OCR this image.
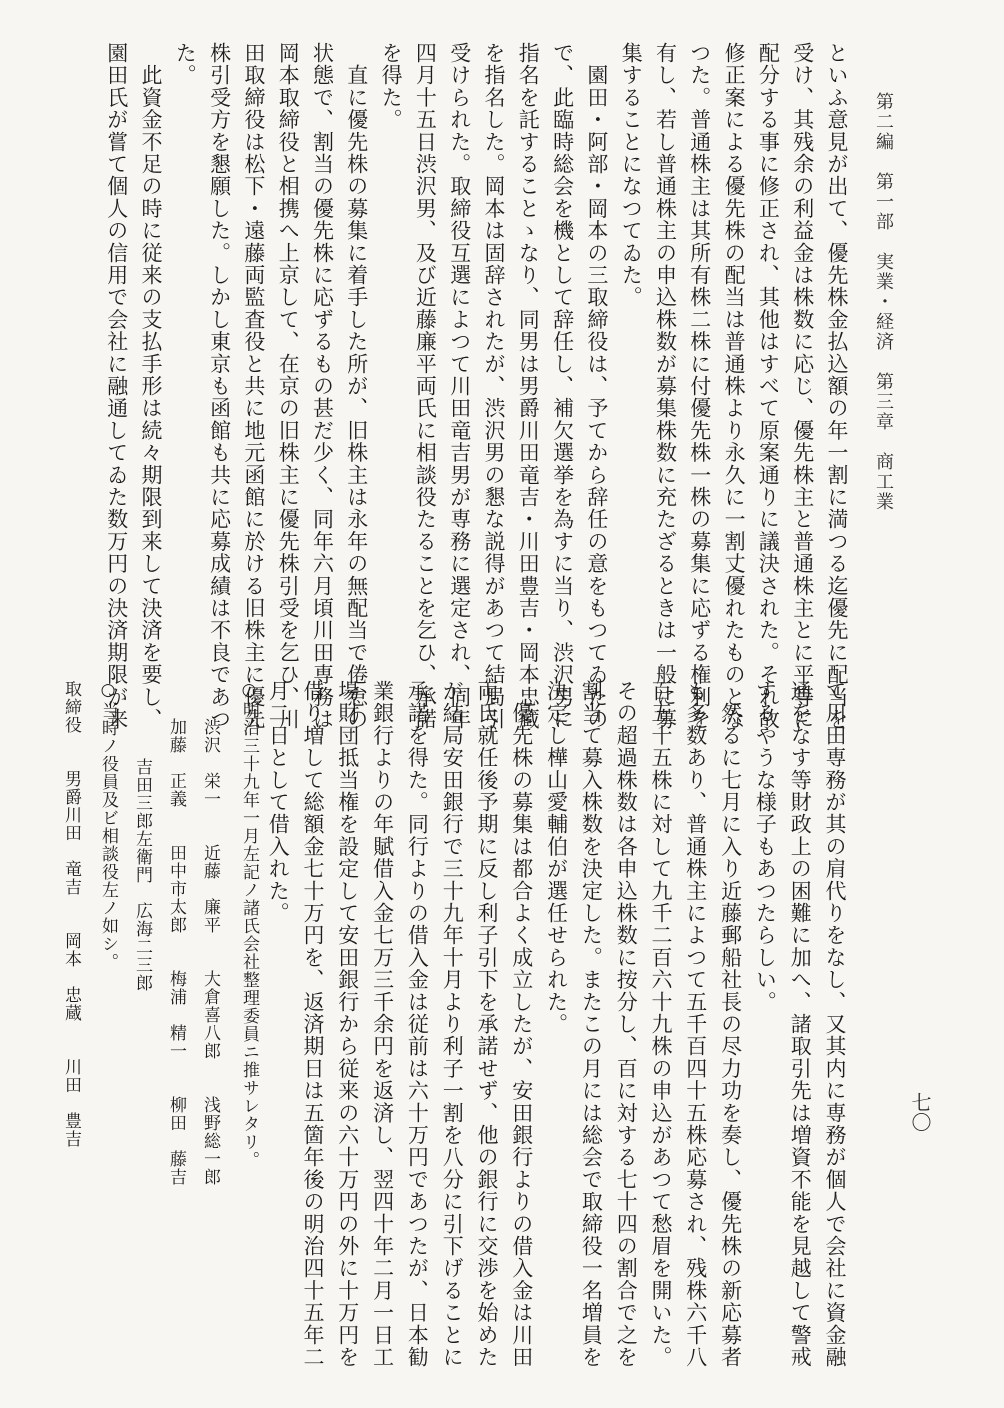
第二編　第一部　実業・経済　第三章　商工業
七〇
といふ意見が出て、優先株金払込額の年一割に満つる迄優先に配当を
受け、其残余の利益金は株数に応じ、優先株主と普通株主とに平等に
配分する事に修正され、其他はすべて原案通りに議決された。それ故
修正案による優先株の配当は普通株より永久に一割丈優れたものとな
つた。普通株主は其所有株二株に付優先株一株の募集に応ずる権利を
有し、若し普通株主の申込株数が募集株数に充たざるときは一般に募
集することになつてゐた。
　園田・阿部・岡本の三取締役は、予てから辞任の意をもつてゐたの
で、此臨時総会を機として辞任し、補欠選挙を為すに当り、渋沢男に
指名を託することゝなり、同男は男爵川田竜吉・川田豊吉・岡本忠蔵
を指名した。岡本は固辞されたが、渋沢男の懇な説得があつて結局引
受けられた。取締役互選によつて川田竜吉男が専務に選定され、同年
四月十五日渋沢男、及び近藤廉平両氏に相談役たることを乞ひ、承諾
を得た。
　直に優先株の募集に着手した所が、旧株主は永年の無配当で倦怠の
状態で、割当の優先株に応ずるもの甚だ少く、同年六月頃川田専務は
岡本取締役と相携へ上京して、在京の旧株主に優先株引受を乞ひ、川
田取締役は松下・遠藤両監査役と共に地元函館に於ける旧株主に優先
株引受方を懇願した。しかし東京も函館も共に応募成績は不良であつ
た。
　此資金不足の時に従来の支払手形は続々期限到来して決済を要し、
園田氏が嘗て個人の信用で会社に融通してゐた数万円の決済期限が来
て川田専務が其の肩代りをなし、又其内に専務が個人で会社に資金融
通をなす等財政上の困難に加へ、諸取引先は増資不能を見越して警戒
するやうな様子もあつたらしい。
　然るに七月に入り近藤郵船社長の尽力功を奏し、優先株の新応募者
も多数あり、普通株主によつて五千百四十五株応募され、残株六千八
百五十五株に対して九千二百六十九株の申込があつて愁眉を開いた。
その超過株数は各申込株数に按分し、百に対する七十四の割合で之を
割当て募入株数を決定した。またこの月には総会で取締役一名増員を
決定し樺山愛輔伯が選任せられた。
　優先株の募集は都合よく成立したが、安田銀行よりの借入金は川田
両氏就任後予期に反し利子引下を承諾せず、他の銀行に交渉を始めた
が結局安田銀行で三十九年十月より利子一割を八分に引下げることに
承諾を得た。同行よりの借入金は従前は六十万円であつたが、日本勧
業銀行よりの年賦借入金七万三千余円を返済し、翌四十年二月一日工
場財団抵当権を設定して安田銀行から従来の六十万円の外に十万円を
借り増して総額金七十万円を、返済期日は五箇年後の明治四十五年二
月二日として借入れた。
○明治三十九年一月左記ノ諸氏会社整理委員ニ推サレタリ。
　渋沢　栄一　　近藤　廉平　　大倉喜八郎　　浅野総一郎
　加藤　正義　　田中市太郎　　梅浦　精一　　柳田　藤吉
　吉田三郎左衛門　広海二三郎
○当時ノ役員及ビ相談役左ノ如シ。
取締役　　男爵川田　竜吉　　岡本　忠蔵　　川田　豊吉
